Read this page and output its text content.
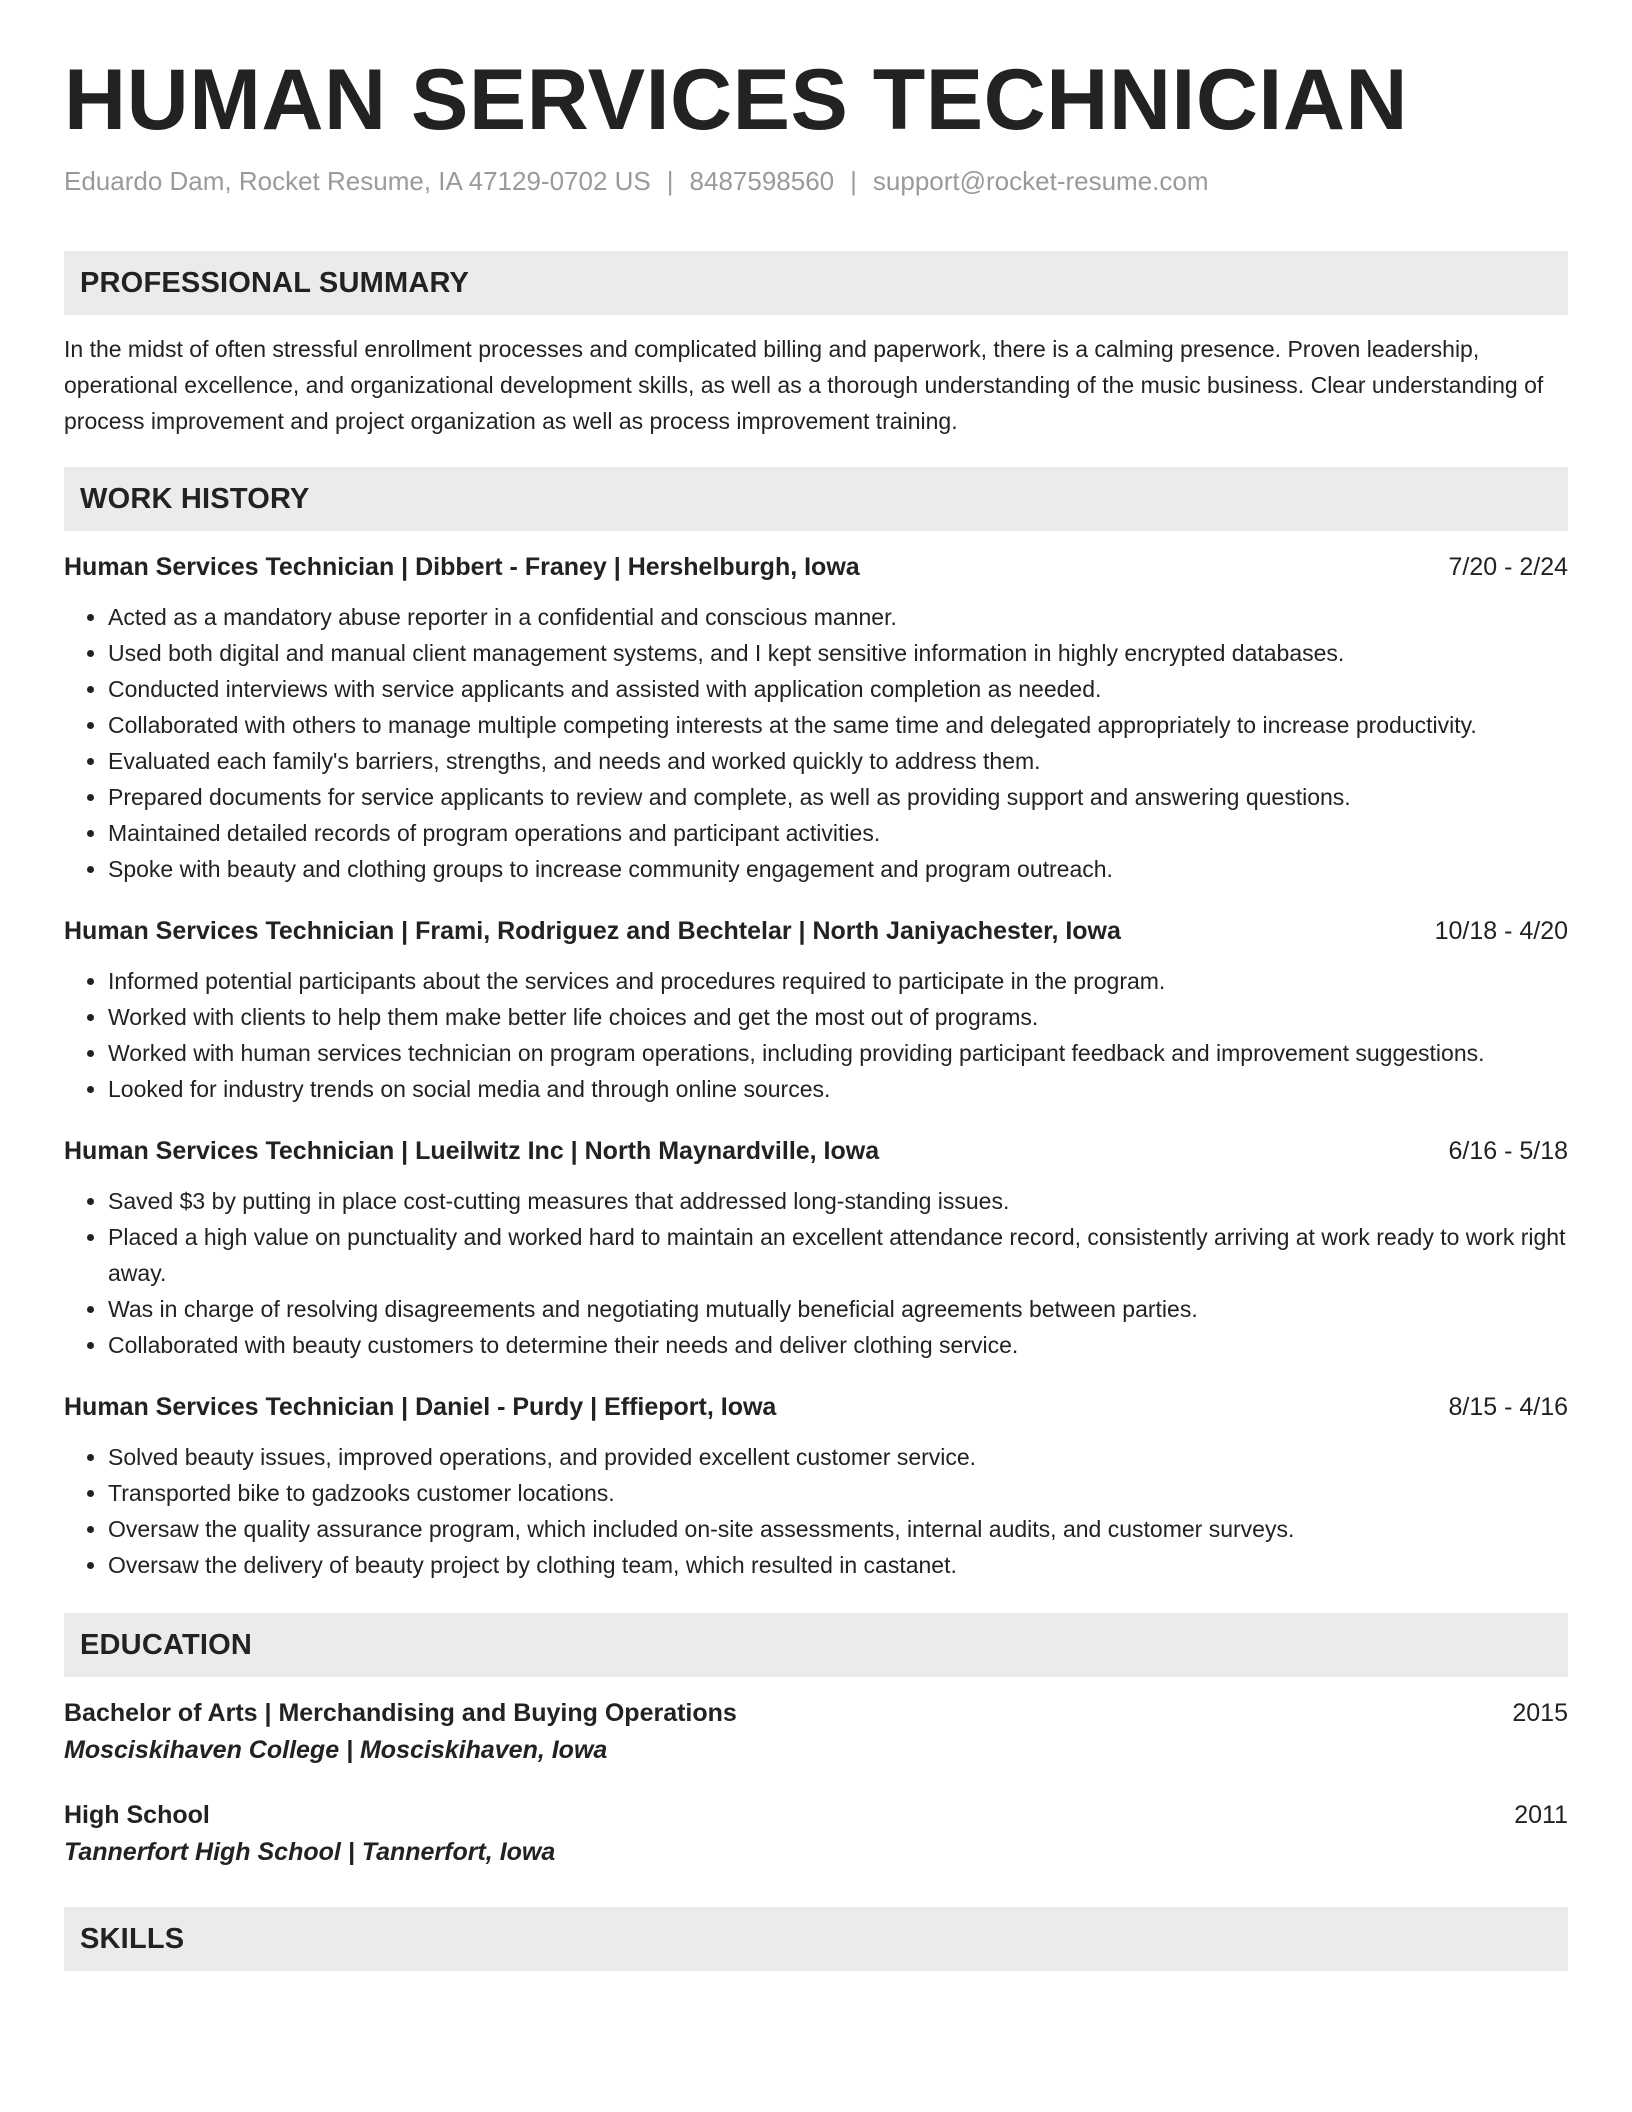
HUMAN SERVICES TECHNICIAN
Eduardo Dam, Rocket Resume, IA 47129-0702 US | 8487598560 | support@rocket-resume.com
PROFESSIONAL SUMMARY
In the midst of often stressful enrollment processes and complicated billing and paperwork, there is a calming presence. Proven leadership, operational excellence, and organizational development skills, as well as a thorough understanding of the music business. Clear understanding of process improvement and project organization as well as process improvement training.
WORK HISTORY
Human Services Technician | Dibbert - Franey | Hershelburgh, Iowa	7/20 - 2/24
• Acted as a mandatory abuse reporter in a confidential and conscious manner.
• Used both digital and manual client management systems, and I kept sensitive information in highly encrypted databases.
• Conducted interviews with service applicants and assisted with application completion as needed.
• Collaborated with others to manage multiple competing interests at the same time and delegated appropriately to increase productivity.
• Evaluated each family's barriers, strengths, and needs and worked quickly to address them.
• Prepared documents for service applicants to review and complete, as well as providing support and answering questions.
• Maintained detailed records of program operations and participant activities.
• Spoke with beauty and clothing groups to increase community engagement and program outreach.
Human Services Technician | Frami, Rodriguez and Bechtelar | North Janiyachester, Iowa	10/18 - 4/20
• Informed potential participants about the services and procedures required to participate in the program.
• Worked with clients to help them make better life choices and get the most out of programs.
• Worked with human services technician on program operations, including providing participant feedback and improvement suggestions.
• Looked for industry trends on social media and through online sources.
Human Services Technician | Lueilwitz Inc | North Maynardville, Iowa	6/16 - 5/18
• Saved $3 by putting in place cost-cutting measures that addressed long-standing issues.
• Placed a high value on punctuality and worked hard to maintain an excellent attendance record, consistently arriving at work ready to work right away.
• Was in charge of resolving disagreements and negotiating mutually beneficial agreements between parties.
• Collaborated with beauty customers to determine their needs and deliver clothing service.
Human Services Technician | Daniel - Purdy | Effieport, Iowa	8/15 - 4/16
• Solved beauty issues, improved operations, and provided excellent customer service.
• Transported bike to gadzooks customer locations.
• Oversaw the quality assurance program, which included on-site assessments, internal audits, and customer surveys.
• Oversaw the delivery of beauty project by clothing team, which resulted in castanet.
EDUCATION
Bachelor of Arts | Merchandising and Buying Operations	2015
Mosciskihaven College | Mosciskihaven, Iowa
High School	2011
Tannerfort High School | Tannerfort, Iowa
SKILLS
